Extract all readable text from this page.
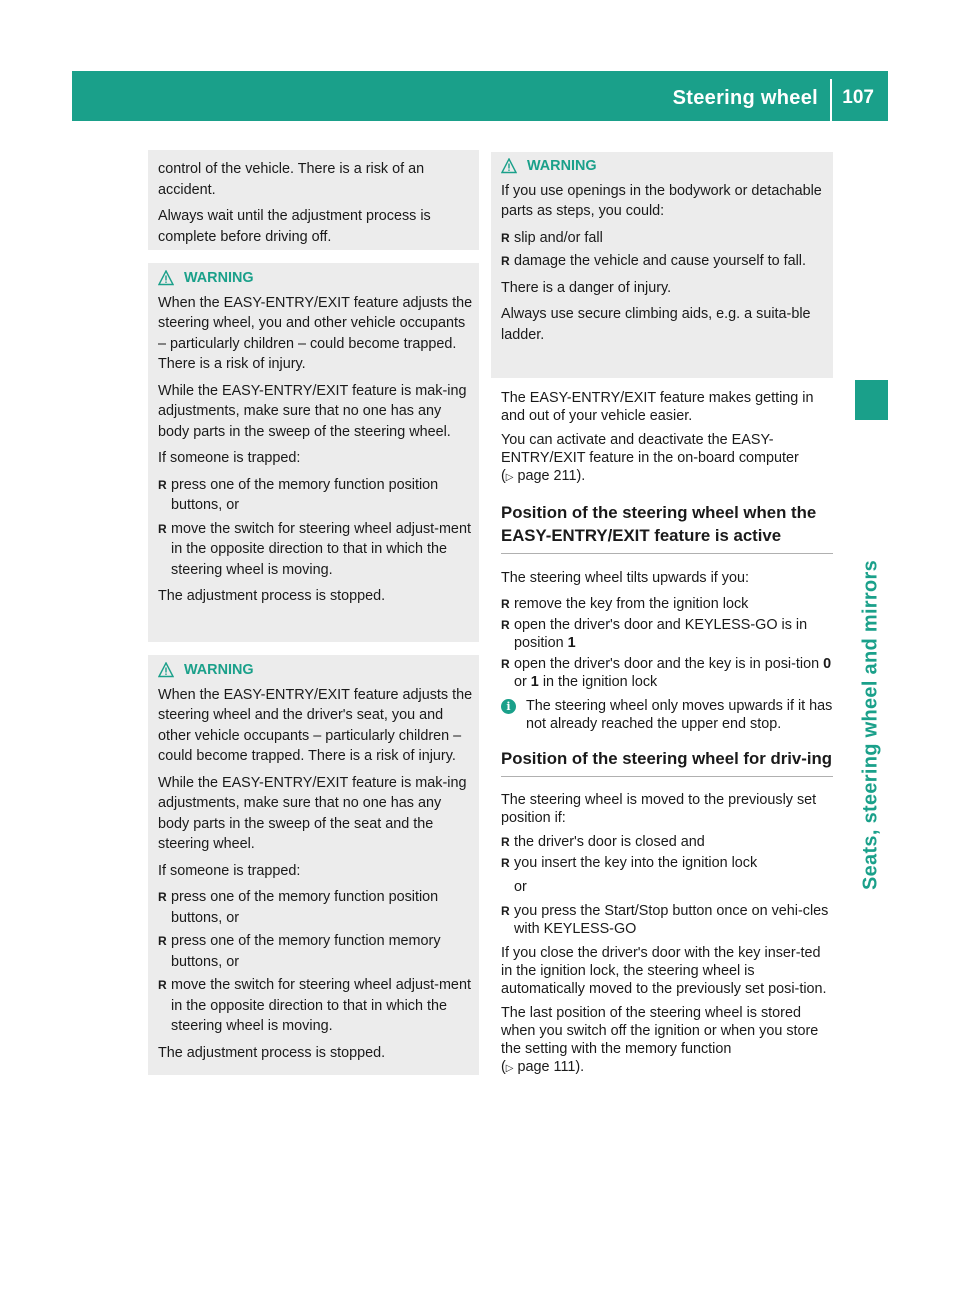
Steering wheel 107
Seats, steering wheel and mirrors

control of the vehicle. There is a risk of an accident.

Always wait until the adjustment process is complete before driving off.

WARNING

When the EASY-ENTRY/EXIT feature adjusts the steering wheel, you and other vehicle occupants – particularly children – could become trapped. There is a risk of injury.

While the EASY-ENTRY/EXIT feature is mak-ing adjustments, make sure that no one has any body parts in the sweep of the steering wheel.

If someone is trapped:

R press one of the memory function position buttons, or
R move the switch for steering wheel adjust-ment in the opposite direction to that in which the steering wheel is moving.

The adjustment process is stopped.

WARNING

When the EASY-ENTRY/EXIT feature adjusts the steering wheel and the driver's seat, you and other vehicle occupants – particularly children – could become trapped. There is a risk of injury.

While the EASY-ENTRY/EXIT feature is mak-ing adjustments, make sure that no one has any body parts in the sweep of the seat and the steering wheel.

If someone is trapped:

R press one of the memory function position buttons, or
R press one of the memory function memory buttons, or
R move the switch for steering wheel adjust-ment in the opposite direction to that in which the steering wheel is moving.

The adjustment process is stopped.

WARNING

If you use openings in the bodywork or detachable parts as steps, you could:

R slip and/or fall
R damage the vehicle and cause yourself to fall.

There is a danger of injury.

Always use secure climbing aids, e.g. a suita-ble ladder.

The EASY-ENTRY/EXIT feature makes getting in and out of your vehicle easier.

You can activate and deactivate the EASY-ENTRY/EXIT feature in the on-board computer
(▷ page 211).

Position of the steering wheel when the EASY-ENTRY/EXIT feature is active

The steering wheel tilts upwards if you:

R remove the key from the ignition lock
R open the driver's door and KEYLESS-GO is in position 1
R open the driver's door and the key is in posi-tion 0 or 1 in the ignition lock
i	The steering wheel only moves upwards if it has not already reached the upper end stop.
Position of the steering wheel for driv-ing

The steering wheel is moved to the previously set position if:

R the driver's door is closed and
R you insert the key into the ignition lock

or

R you press the Start/Stop button once on vehi-cles with KEYLESS-GO

If you close the driver's door with the key inser-ted in the ignition lock, the steering wheel is automatically moved to the previously set posi-tion.

The last position of the steering wheel is stored when you switch off the ignition or when you store the setting with the memory function
(▷ page 111).
